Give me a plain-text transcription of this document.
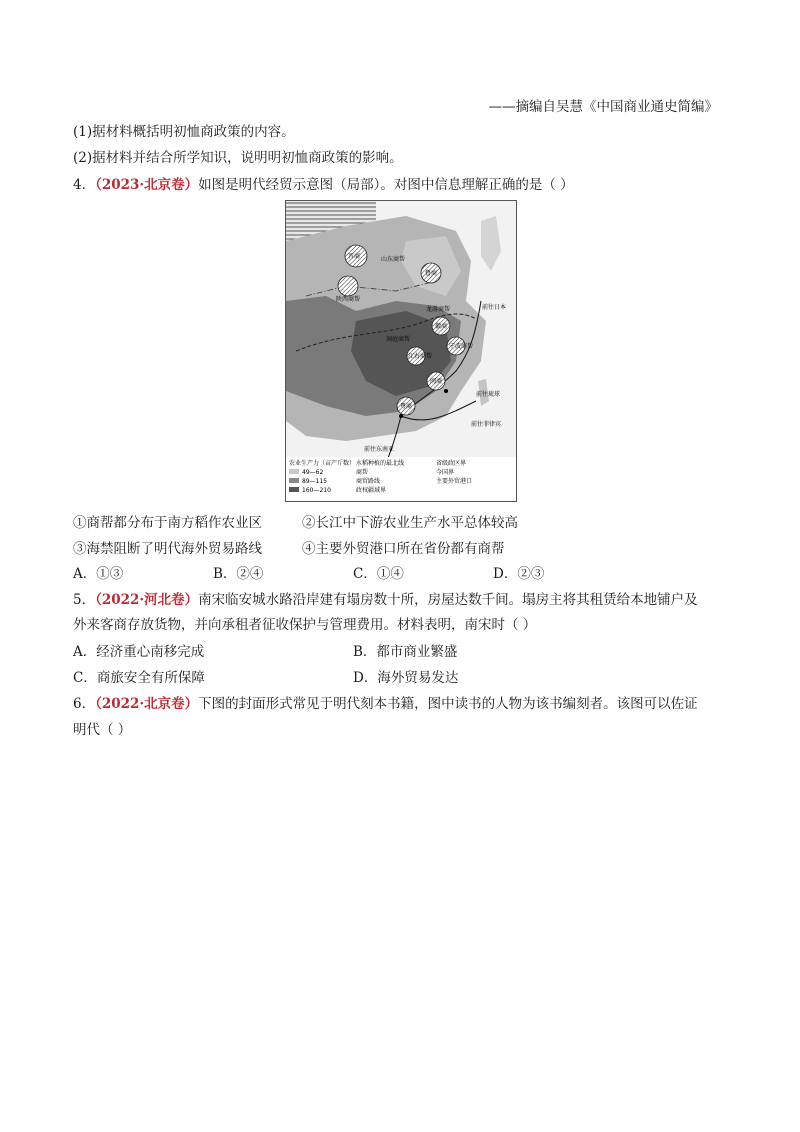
——摘编自吴慧《中国商业通史简编》
(1)据材料概括明初恤商政策的内容。
(2)据材料并结合所学知识，说明明初恤商政策的影响。
4．（2023·北京卷）如图是明代经贸示意图（局部）。对图中信息理解正确的是（ ）
农业生产力（亩产斤数）
49—62
89—115
160—210
水稻种植的最北线
商帮
商贸路线
政权疆域界
省级政区界
今国界
主要外贸港口
晋商	山东商帮
陕西商帮
鲁商
徽商
龙游商帮
洞庭商帮
江右商帮
宁波商帮
闽商
粤商
前往日本
前往菲律宾
前往琉球
前往东南亚
①商帮都分布于南方稻作农业区	②长江中下游农业生产水平总体较高
③海禁阻断了明代海外贸易路线	④主要外贸港口所在省份都有商帮
A．①③	B．②④	C．①④	D．②③
5．（2022·河北卷）南宋临安城水路沿岸建有塌房数十所，房屋达数千间。塌房主将其租赁给本地铺户及
外来客商存放货物，并向承租者征收保护与管理费用。材料表明，南宋时（ ）
A．经济重心南移完成	B．都市商业繁盛
C．商旅安全有所保障	D．海外贸易发达
6．（2022·北京卷）下图的封面形式常见于明代刻本书籍，图中读书的人物为该书编刻者。该图可以佐证
明代（ ）
